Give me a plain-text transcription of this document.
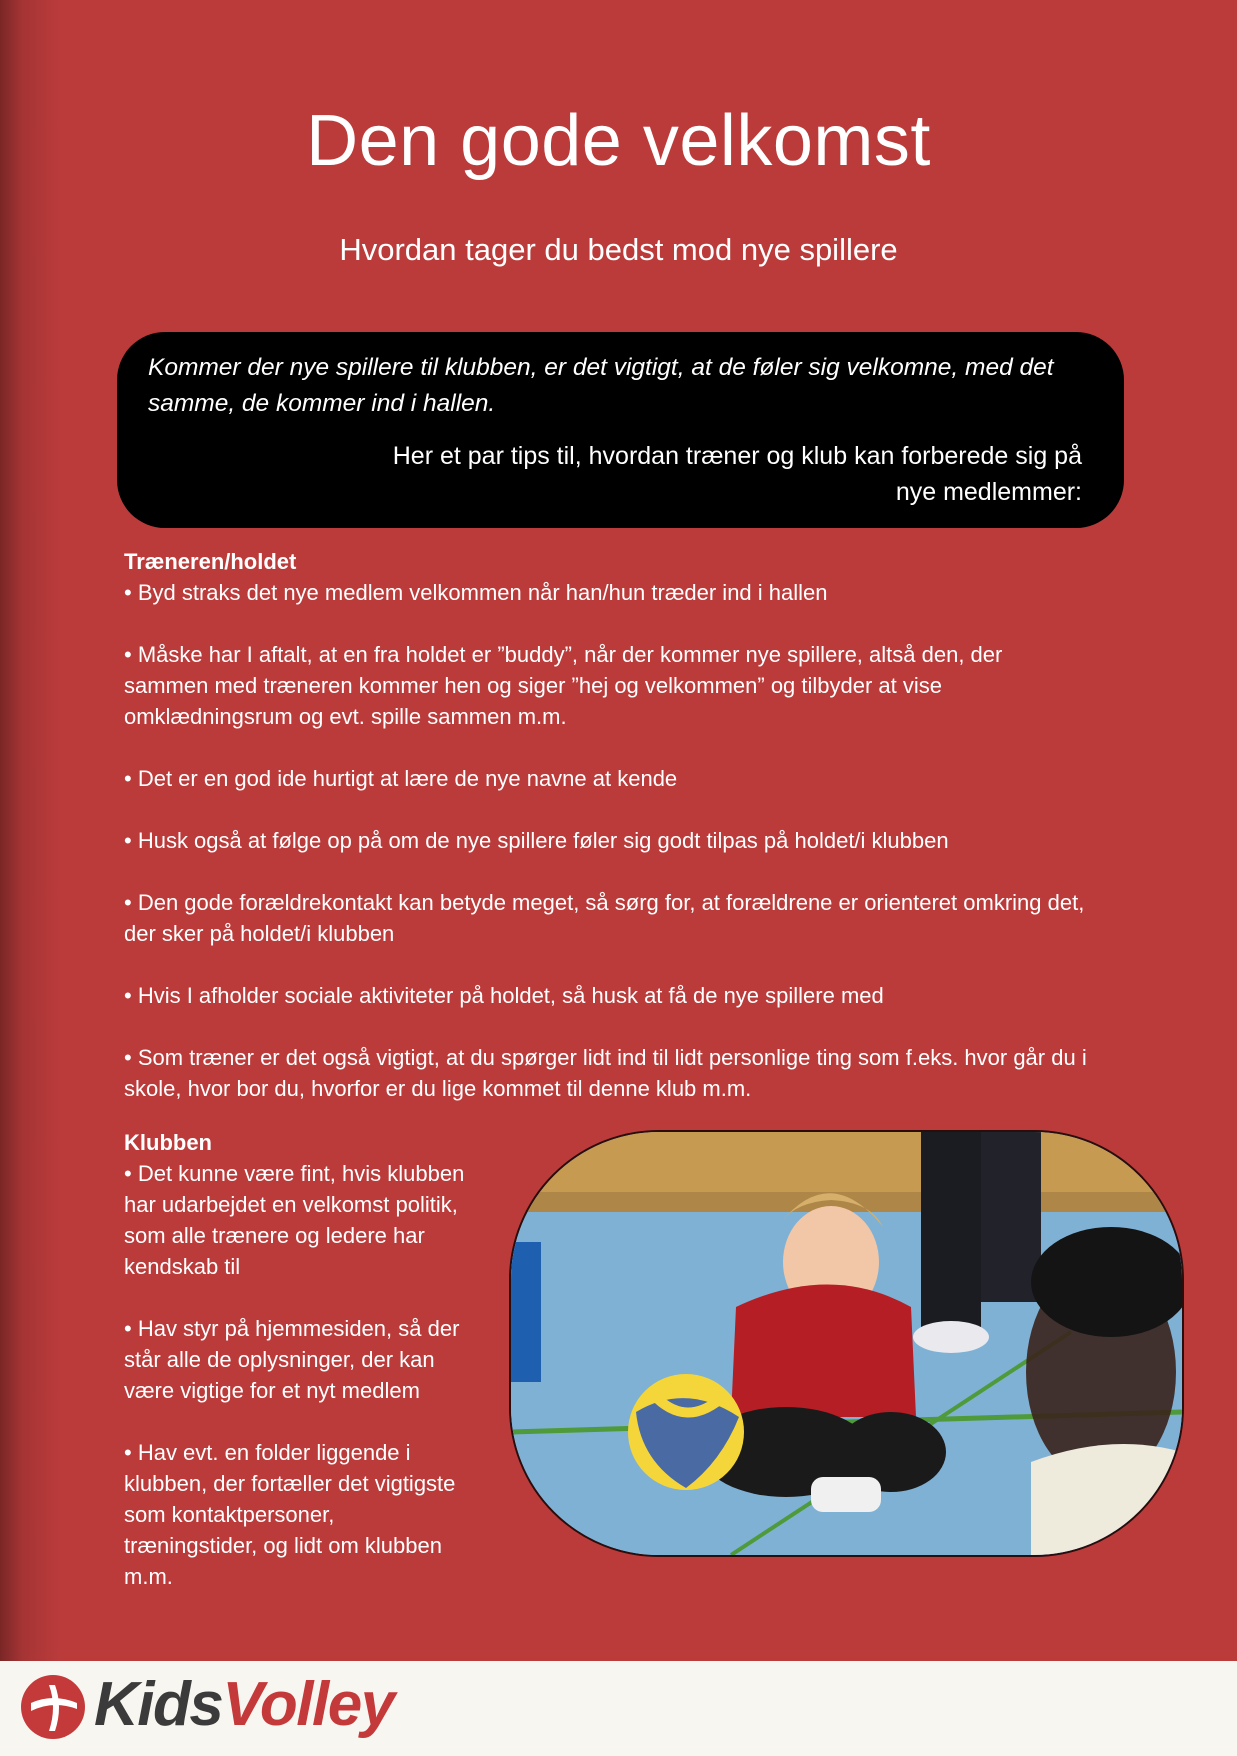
Den gode velkomst
Hvordan tager du bedst mod nye spillere

Kommer der nye spillere til klubben, er det vigtigt, at de føler sig velkomne, med det samme, de kommer ind i hallen.

Her et par tips til, hvordan træner og klub kan forberede sig på nye medlemmer:

Træneren/holdet

• Byd straks det nye medlem velkommen når han/hun træder ind i hallen

• Måske har I aftalt, at en fra holdet er ”buddy”, når der kommer nye spillere, altså den, der sammen med træneren kommer hen og siger ”hej og velkommen” og tilbyder at vise omklædningsrum og evt. spille sammen m.m.

• Det er en god ide hurtigt at lære de nye navne at kende

• Husk også at følge op på om de nye spillere føler sig godt tilpas på holdet/i klubben

• Den gode forældrekontakt kan betyde meget, så sørg for, at forældrene er orienteret omkring det, der sker på holdet/i klubben

• Hvis I afholder sociale aktiviteter på holdet, så husk at få de nye spillere med

• Som træner er det også vigtigt, at du spørger lidt ind til lidt personlige ting som f.eks. hvor går du i skole, hvor bor du, hvorfor er du lige kommet til denne klub m.m.

Klubben

• Det kunne være fint, hvis klubben har udarbejdet en velkomst politik, som alle trænere og ledere har kendskab til

• Hav styr på hjemmesiden, så der står alle de oplysninger, der kan være vigtige for et nyt medlem

• Hav evt. en folder liggende i klubben, der fortæller det vigtigste som kontaktpersoner, træningstider, og lidt om klubben m.m.

KidsVolley
